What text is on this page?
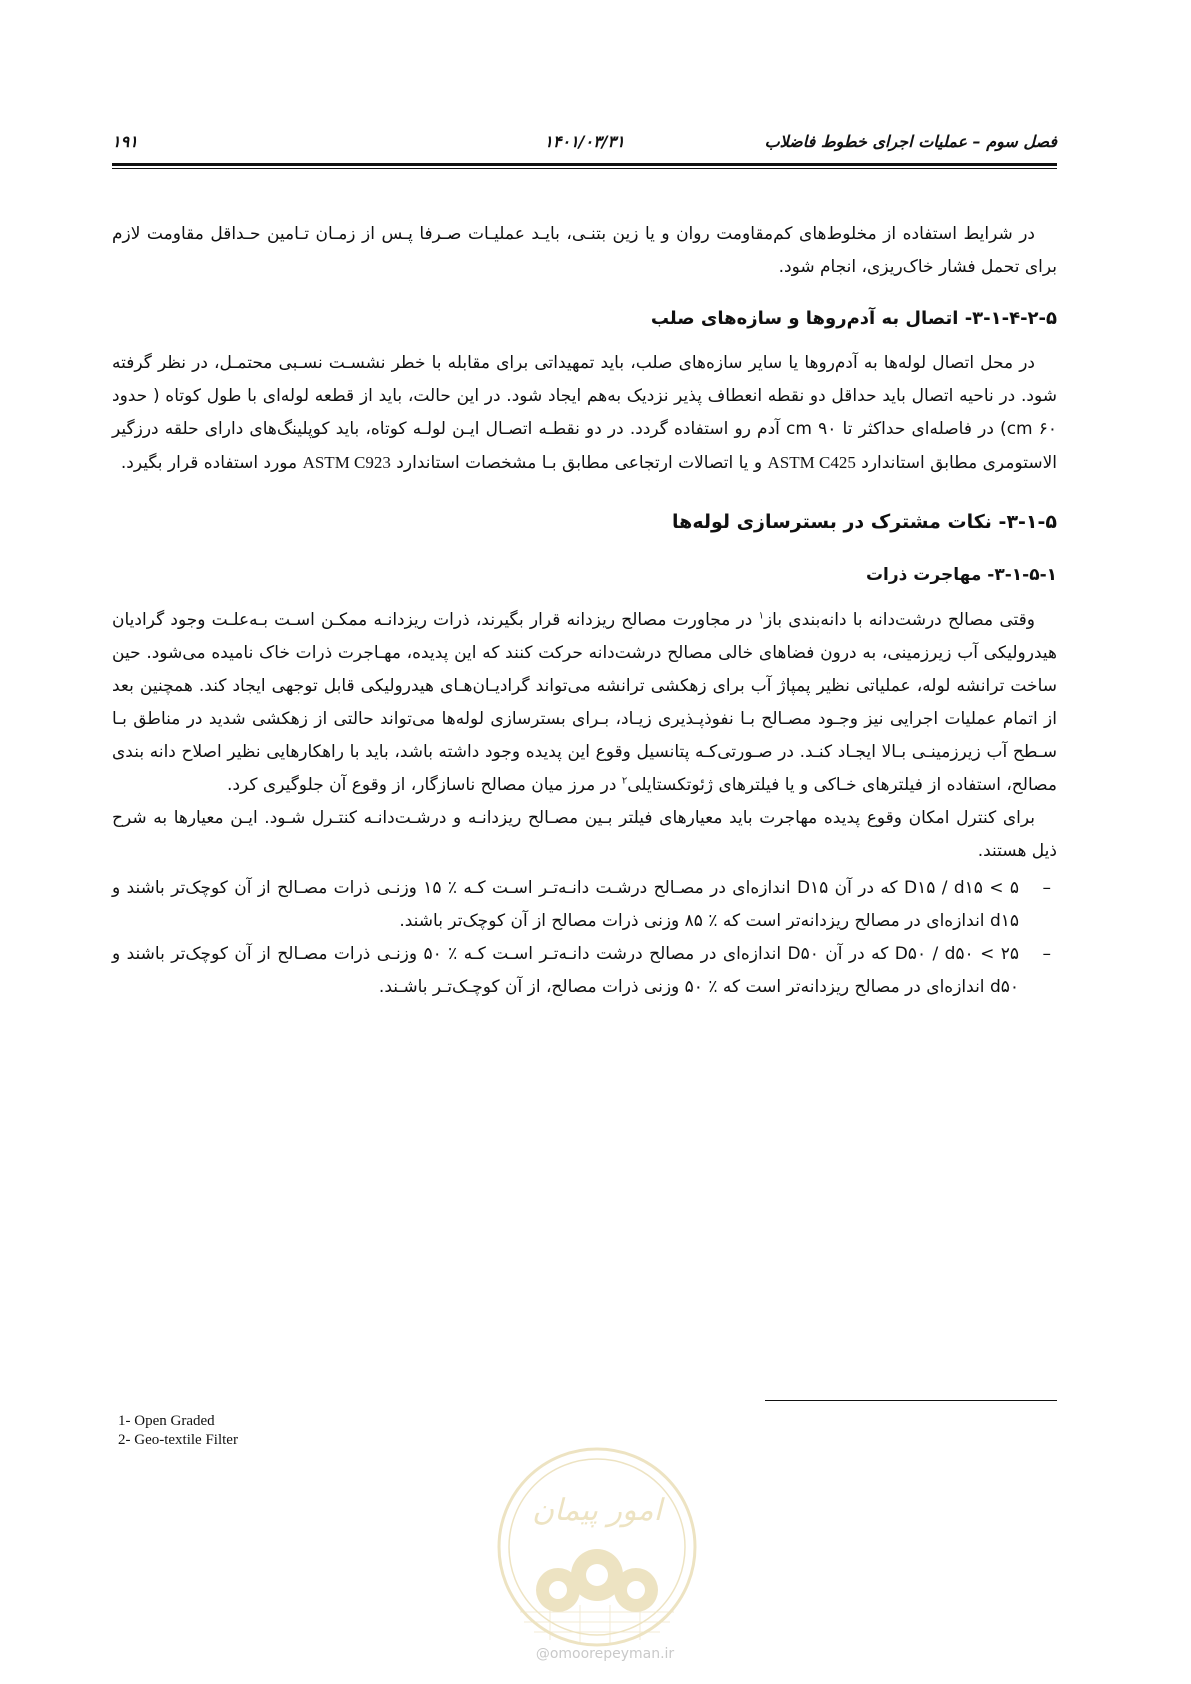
فصل سوم – عملیات اجرای خطوط فاضلاب
۱۴۰۱/۰۳/۳۱
۱۹۱

در شرایط استفاده از مخلوط‌های کم‌مقاومت روان و یا زین بتنـی، بایـد عملیـات صـرفا پـس از زمـان تـامین حـداقل مقاومت لازم برای تحمل فشار خاک‌ریزی، انجام شود.

۳-۱-۴-۲-۵- اتصال به آدم‌روها و سازه‌های صلب

در محل اتصال لوله‌ها به آدم‌روها یا سایر سازه‌های صلب، باید تمهیداتی برای مقابله با خطر نشسـت نسـبی محتمـل، در نظر گرفته شود. در ناحیه اتصال باید حداقل دو نقطه انعطاف پذیر نزدیک به‌هم ایجاد شود. در این حالت، باید از قطعه لوله‌ای با طول کوتاه ( حدود ۶۰ cm) در فاصله‌ای حداکثر تا ۹۰ cm آدم رو استفاده گردد. در دو نقطـه اتصـال ایـن لولـه کوتاه، باید کوپلینگ‌های دارای حلقه درزگیر الاستومری مطابق استاندارد ASTM C425 و یا اتصالات ارتجاعی مطابق بـا مشخصات استاندارد ASTM C923 مورد استفاده قرار بگیرد.

۳-۱-۵- نکات مشترک در بسترسازی لوله‌ها
۳-۱-۵-۱- مهاجرت ذرات

وقتی مصالح درشت‌دانه با دانه‌بندی باز$^۱$ در مجاورت مصالح ریزدانه قرار بگیرند، ذرات ریزدانـه ممکـن اسـت بـه‌علـت وجود گرادیان هیدرولیکی آب زیرزمینی، به درون فضاهای خالی مصالح درشت‌دانه حرکت کنند که این پدیده، مهـاجرت ذرات خاک نامیده می‌شود. حین ساخت ترانشه لوله، عملیاتی نظیر پمپاژ آب برای زهکشی ترانشه می‌تواند گرادیـان‌هـای هیدرولیکی قابل توجهی ایجاد کند. همچنین بعد از اتمام عملیات اجرایی نیز وجـود مصـالح بـا نفوذپـذیری زیـاد، بـرای بسترسازی لوله‌ها می‌تواند حالتی از زهکشی شدید در مناطق بـا سـطح آب زیرزمینـی بـالا ایجـاد کنـد. در صـورتی‌کـه پتانسیل وقوع این پدیده وجود داشته باشد، باید با راهکارهایی نظیر اصلاح دانه بندی مصالح، استفاده از فیلترهای خـاکی و یا فیلترهای ژئوتکستایلی$^۲$ در مرز میان مصالح ناسازگار، از وقوع آن جلوگیری کرد.

برای کنترل امکان وقوع پدیده مهاجرت باید معیارهای فیلتر بـین مصـالح ریزدانـه و درشـت‌دانـه کنتـرل شـود. ایـن معیارها به شرح ذیل هستند.

–
D۱۵ / d۱۵ < ۵ که در آن D۱۵ اندازه‌ای در مصـالح درشـت دانـه‌تـر اسـت کـه ٪ ۱۵ وزنـی ذرات مصـالح از آن کوچک‌تر باشند و d۱۵ اندازه‌ای در مصالح ریزدانه‌تر است که ٪ ۸۵ وزنی ذرات مصالح از آن کوچک‌تر باشند.
–
D۵۰ / d۵۰ < ۲۵ که در آن D۵۰ اندازه‌ای در مصالح درشت دانـه‌تـر اسـت کـه ٪ ۵۰ وزنـی ذرات مصـالح از آن کوچک‌تر باشند و d۵۰ اندازه‌ای در مصالح ریزدانه‌تر است که ٪ ۵۰ وزنی ذرات مصالح، از آن کوچـک‌تـر باشـند.
1- Open Graded
2- Geo-textile Filter
امور پیمان
@omoorepeyman.ir
